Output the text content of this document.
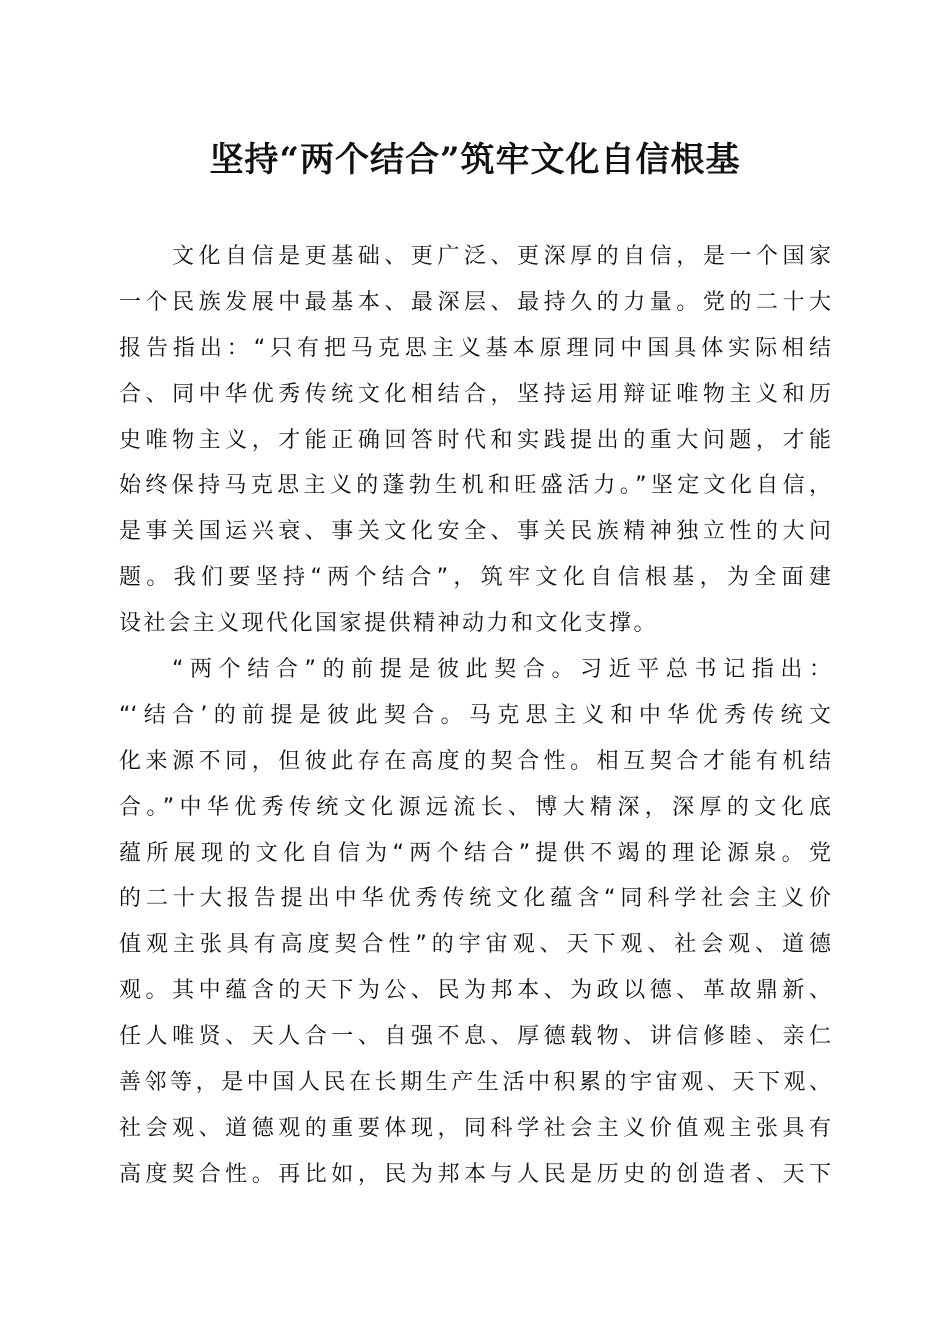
坚持“两个结合”筑牢文化自信根基
文化自信是更基础、更广泛、更深厚的自信，是一个国家
一个民族发展中最基本、最深层、最持久的力量。党的二十大
报告指出：“只有把马克思主义基本原理同中国具体实际相结
合、同中华优秀传统文化相结合，坚持运用辩证唯物主义和历
史唯物主义，才能正确回答时代和实践提出的重大问题，才能
始终保持马克思主义的蓬勃生机和旺盛活力。”坚定文化自信，
是事关国运兴衰、事关文化安全、事关民族精神独立性的大问
题。我们要坚持“两个结合”，筑牢文化自信根基，为全面建
设社会主义现代化国家提供精神动力和文化支撑。
“两个结合”的前提是彼此契合。习近平总书记指出：
“‘结合’的前提是彼此契合。马克思主义和中华优秀传统文
化来源不同，但彼此存在高度的契合性。相互契合才能有机结
合。”中华优秀传统文化源远流长、博大精深，深厚的文化底
蕴所展现的文化自信为“两个结合”提供不竭的理论源泉。党
的二十大报告提出中华优秀传统文化蕴含“同科学社会主义价
值观主张具有高度契合性”的宇宙观、天下观、社会观、道德
观。其中蕴含的天下为公、民为邦本、为政以德、革故鼎新、
任人唯贤、天人合一、自强不息、厚德载物、讲信修睦、亲仁
善邻等，是中国人民在长期生产生活中积累的宇宙观、天下观、
社会观、道德观的重要体现，同科学社会主义价值观主张具有
高度契合性。再比如，民为邦本与人民是历史的创造者、天下
